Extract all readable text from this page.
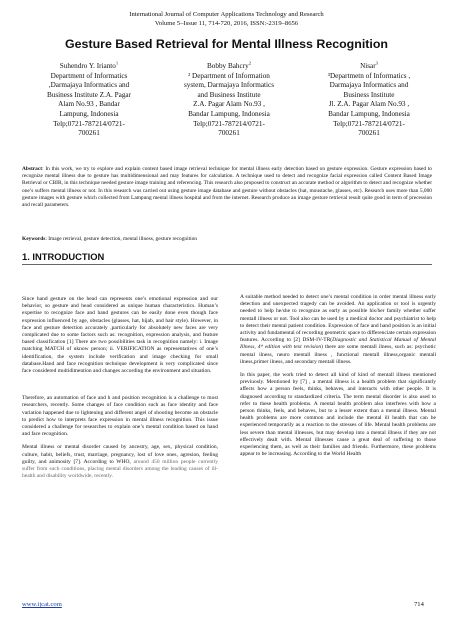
International Journal of Computer Applications Technology and Research
Volume 5–Issue 11, 714-720, 2016, ISSN:-2319–8656
Gesture Based Retrieval for Mental Illness Recognition
Suhendro Y. Irianto$^1$
Department of Informatics
,Darmajaya Informatics and
Business Institute Z.A. Pagar
Alam No.93 , Bandar
Lampung, Indonesia
Telp;0721-787214/0721-
700261
Bobby Bahcry$^2$
² Department of Information
system, Darmajaya Informatics
and Business Institute
Z.A. Pagar Alam No.93 ,
Bandar Lampung, Indonesia
Telp;0721-787214/0721-
700261
Nisar$^3$
³Departmetn of Informatics ,
Darmajaya Informatics and
Business Institute
Jl. Z.A. Pagar Alam No.93 ,
Bandar Lampung, Indonesia
Telp;0721-787214/0721-
700261
Abstract: In this work, we try to explore and explain content based image retrieval technique for mental illness early detection based on gesture expression. Gesture expression based to recognize mental illness due to gesture has multidimensional and may features for calculation. A technique used to detect and recognize facial expression called Content Based Image Retrieval or CBIR, in this technique needed gesture image training and referencing. This research also proposed to construct an accurate method or algorithm to detect and recognize whether one’s suffers mental illness or not. In this research was carried out using gesture image database and gesture without obstacles (hat, moustache, glasses, etc). Research uses more than 5,000 gesture images with gesture which collected from Lampung mental illness hospital and from the internet. Research produce an image gesture retrieval result quite good in term of precession and recall parameters.
Keywords: Image retrieval, gesture detection, mental illness, gesture recognition
1. INTRODUCTION

Since hand gesture on the head can represents one’s emotional expression and our behavior, so gesture and head considered as unique human characteristics. Human’s expertise to recognize face and hand gestures can be easily done even though face expression influenced by age, obstacles (glasses, hat, hijab, and hair style). However, in face and gesture detection accurately ,particularly for absolutely new faces are very complicated due to some factors such as: recognition, expression analysis, and feature based classification [1] There are two possibilities task in recognition namely: i. Image matching MATCH of uknow person; ii. VERIFICATION as representatives of one’s identification, the system include verification and image checking for small database.Hand and face recognition technique development is very complicated since face considered multidimention and changes according the environment and situation.

Therefore, an automation of face and h and position recognition is a challenge to most researchers, recently. Some changes of face condition such as face identity and face variation happened due to lightening and different angel of shooting become an obstacle to predict how to interprets face expression in mental illness recognition. This issue considered a challenge for researches to explain one’s mental condition based on hand and face recognition.

Mental illness or mental disorder caused by ancestry, age, sex, physical condition, culture, habit, beliefs, trust, marriage, pregnancy, lost of love ones, agresion, feeling guilty, and animosity [7]. According to WHO, around 450 million people currently suffer from such conditions, placing mental disorders among the leading causes of ill-health and disability worldwide, recently.

A suitable method needed to detect one’s mental condition in order mental illness early detection and unexpected tragedy can be avoided. An application or tool is urgently needed to help he/she to recognize as early as possible his/her family whether suffer mentall illness or not. Tool also can be used by a medical doctor and psychiatrist to help to detect their mental patient condition. Expression of face and hand position is an initial activity and fundamental of recording geometric space to differenciate certain expression features. According to [2] DSM-IV-TR(Diagnostic and Statistical Manual of Mental Illness, 4ᵗʰ edition with text revision) there are some mentall ilness, such as: psychotic mental ilness, neuro mentall ilness , functional mentall illness,organic mentall ilness,primer ilness, and secondary mentall illness.

In this paper, the work tried to detect all kind of kind of mentall illness mentioned previuosly. Mentioned by [7] , a mental illness is a health problem that significantly affects how a person feels, thinks, behaves, and interacts with other people. It is diagnosed according to standardized criteria. The term mental disorder is also used to refer to these health problems. A mental health problem also interferes with how a person thinks, feels, and behaves, but to a lesser extent than a mental illness. Mental health problems are more common and include the mental ill health that can be experienced temporarily as a reaction to the stresses of life. Mental health problems are less severe than mental illnesses, but may develop into a mental illness if they are not effectively dealt with. Mental illnesses cause a great deal of suffering to those experiencing them, as well as their families and friends. Furthermore, these problems appear to be increasing. According to the World Health

www.ijcat.com	714
